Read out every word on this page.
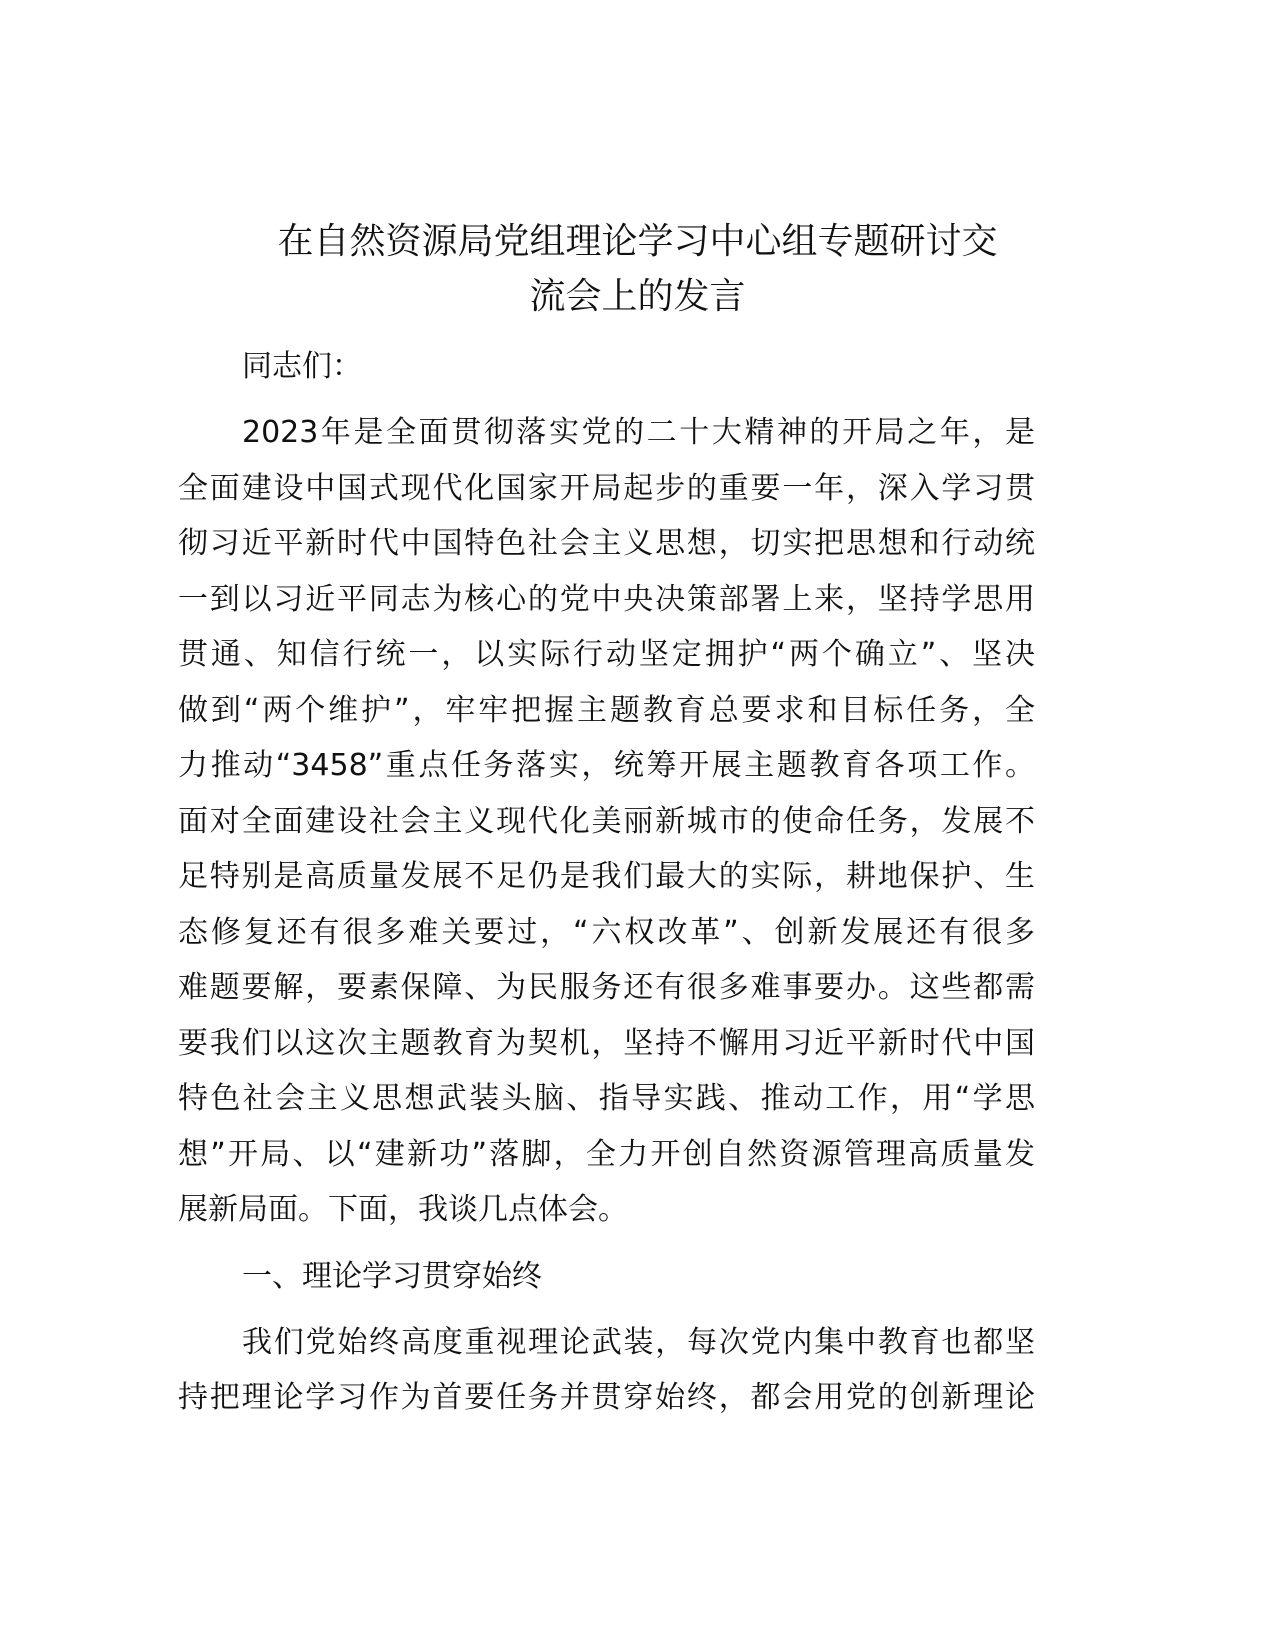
在自然资源局党组理论学习中心组专题研讨交
流会上的发言
同志们：
2023年是全面贯彻落实党的二十大精神的开局之年，是
全面建设中国式现代化国家开局起步的重要一年，深入学习贯
彻习近平新时代中国特色社会主义思想，切实把思想和行动统
一到以习近平同志为核心的党中央决策部署上来，坚持学思用
贯通、知信行统一，以实际行动坚定拥护“两个确立”、坚决
做到“两个维护”，牢牢把握主题教育总要求和目标任务，全
力推动“3458”重点任务落实，统筹开展主题教育各项工作。
面对全面建设社会主义现代化美丽新城市的使命任务，发展不
足特别是高质量发展不足仍是我们最大的实际，耕地保护、生
态修复还有很多难关要过，“六权改革”、创新发展还有很多
难题要解，要素保障、为民服务还有很多难事要办。这些都需
要我们以这次主题教育为契机，坚持不懈用习近平新时代中国
特色社会主义思想武装头脑、指导实践、推动工作，用“学思
想”开局、以“建新功”落脚，全力开创自然资源管理高质量发
展新局面。下面，我谈几点体会。
一、理论学习贯穿始终
我们党始终高度重视理论武装，每次党内集中教育也都坚
持把理论学习作为首要任务并贯穿始终，都会用党的创新理论
